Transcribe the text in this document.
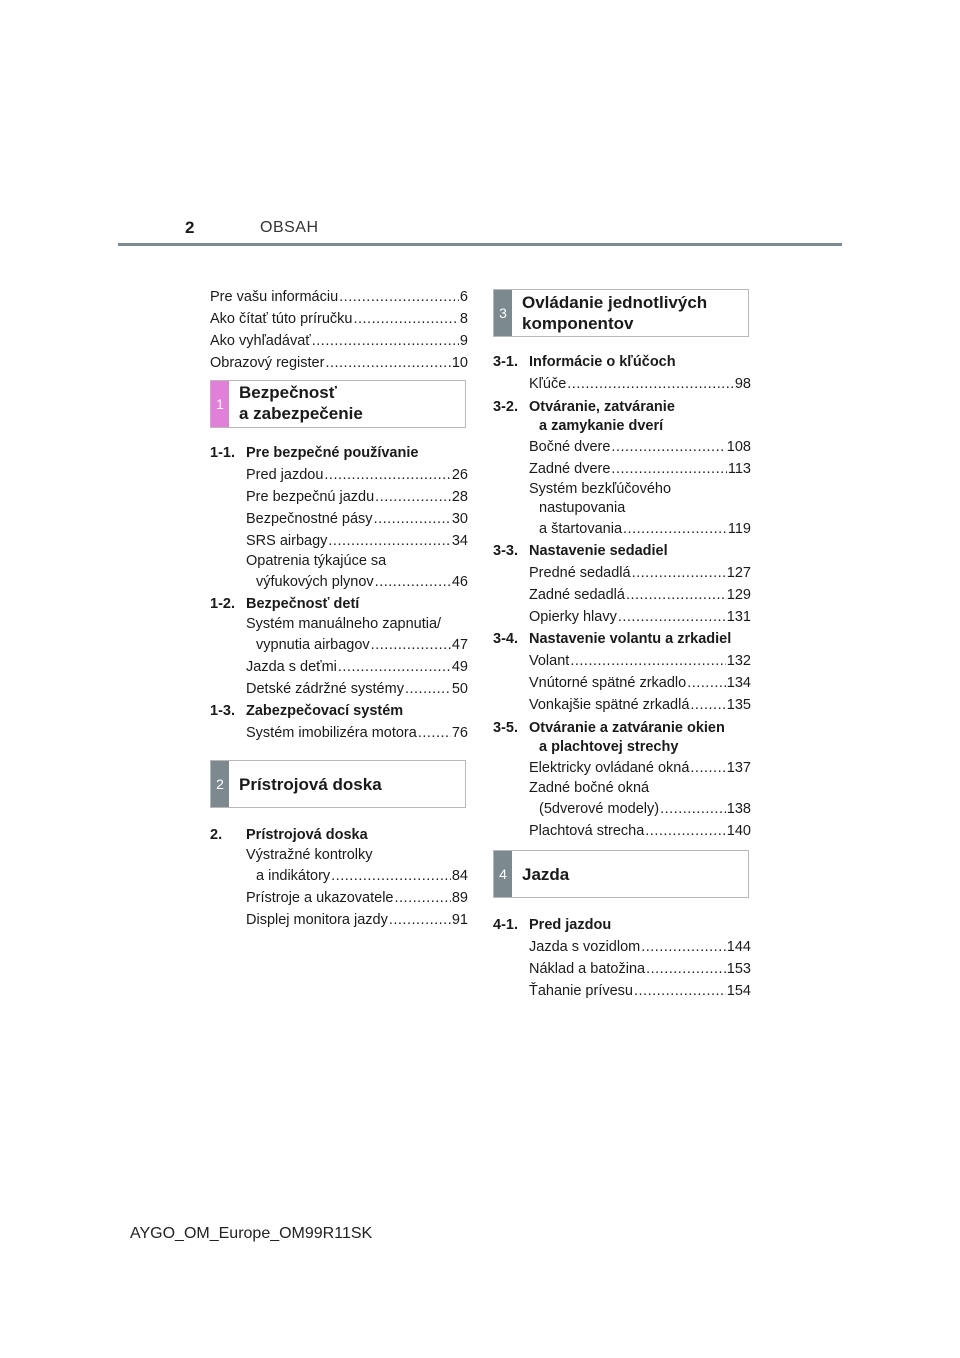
2	OBSAH
Pre vašu informáciu .....	6
Ako čítať túto príručku .....	8
Ako vyhľadávať .....	9
Obrazový register .....	10
1
Bezpečnosť
a zabezpečenie
1-1. Pre bezpečné používanie
Pred jazdou .....	26
Pre bezpečnú jazdu .....	28
Bezpečnostné pásy .....	30
SRS airbagy .....	34
Opatrenia týkajúce sa
výfukových plynov .....	46
1-2. Bezpečnosť detí
Systém manuálneho zapnutia/
vypnutia airbagov .....	47
Jazda s deťmi .....	49
Detské zádržné systémy .....	50
1-3. Zabezpečovací systém
Systém imobilizéra motora ..... 76
2 Prístrojová doska
2.	Prístrojová doska
Výstražné kontrolky
a indikátory .....	84
Prístroje a ukazovatele .....	89
Displej monitora jazdy .....	91
3
Ovládanie jednotlivých
komponentov
3-1. Informácie o kľúčoch
Kľúče .....	98
3-2. Otváranie, zatváranie
a zamykanie dverí
Bočné dvere .....	108
Zadné dvere .....	113
Systém bezkľúčového
nastupovania
a štartovania .....	119
3-3. Nastavenie sedadiel
Predné sedadlá .....	127
Zadné sedadlá .....	129
Opierky hlavy .....	131
3-4. Nastavenie volantu a zrkadiel
Volant .....	132
Vnútorné spätné zrkadlo .....	134
Vonkajšie spätné zrkadlá .....	135
3-5. Otváranie a zatváranie okien
a plachtovej strechy
Elektricky ovládané okná .....	137
Zadné bočné okná
(5dverové modely) .....	138
Plachtová strecha .....	140
4 Jazda
4-1. Pred jazdou
Jazda s vozidlom .....	144
Náklad a batožina .....	153
Ťahanie prívesu .....	154
AYGO_OM_Europe_OM99R11SK
